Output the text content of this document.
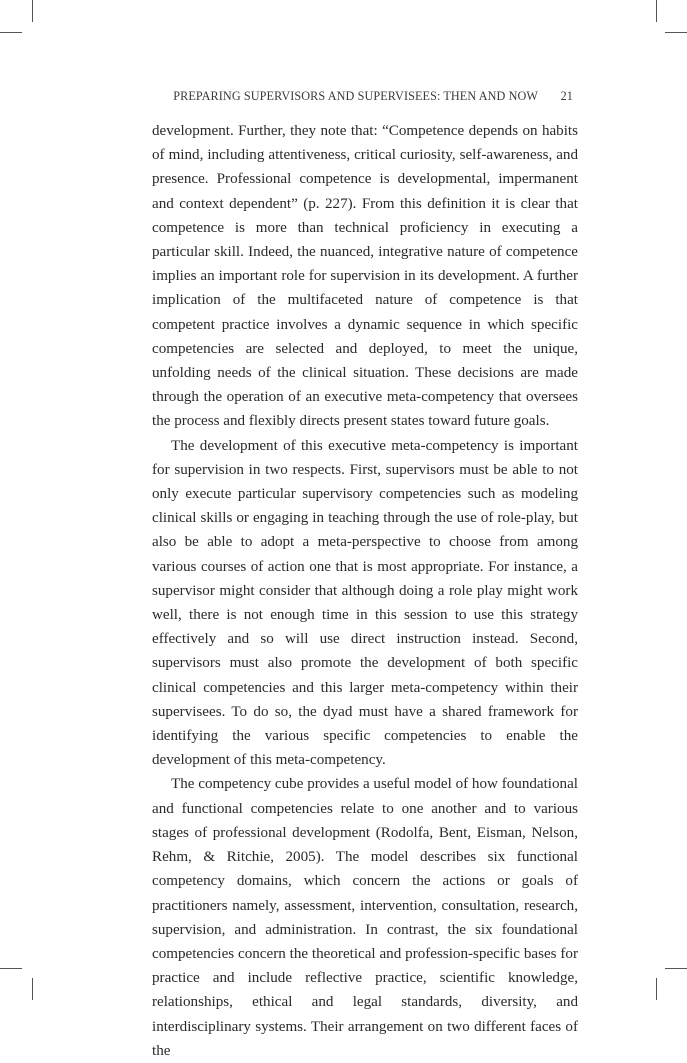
PREPARING SUPERVISORS AND SUPERVISEES: THEN AND NOW 21

development. Further, they note that: “Competence depends on habits of mind, including attentiveness, critical curiosity, self-awareness, and presence. Professional competence is developmental, impermanent and context dependent” (p. 227). From this definition it is clear that competence is more than technical proficiency in executing a particular skill. Indeed, the nuanced, integrative nature of competence implies an important role for supervision in its development. A further implication of the multifaceted nature of competence is that competent practice involves a dynamic sequence in which specific competencies are selected and deployed, to meet the unique, unfolding needs of the clinical situation. These decisions are made through the operation of an executive meta-competency that oversees the process and flexibly directs present states toward future goals.

The development of this executive meta-competency is important for supervision in two respects. First, supervisors must be able to not only execute particular supervisory competencies such as modeling clinical skills or engaging in teaching through the use of role-play, but also be able to adopt a meta-perspective to choose from among various courses of action one that is most appropriate. For instance, a supervisor might consider that although doing a role play might work well, there is not enough time in this session to use this strategy effectively and so will use direct instruction instead. Second, supervisors must also promote the development of both specific clinical competencies and this larger meta-competency within their supervisees. To do so, the dyad must have a shared framework for identifying the various specific competencies to enable the development of this meta-competency.

The competency cube provides a useful model of how foundational and functional competencies relate to one another and to various stages of professional development (Rodolfa, Bent, Eisman, Nelson, Rehm, & Ritchie, 2005). The model describes six functional competency domains, which concern the actions or goals of practitioners namely, assessment, intervention, consultation, research, supervision, and administration. In contrast, the six foundational competencies concern the theoretical and profession-specific bases for practice and include reflective practice, scientific knowledge, relationships, ethical and legal standards, diversity, and interdisciplinary systems. Their arrangement on two different faces of the
